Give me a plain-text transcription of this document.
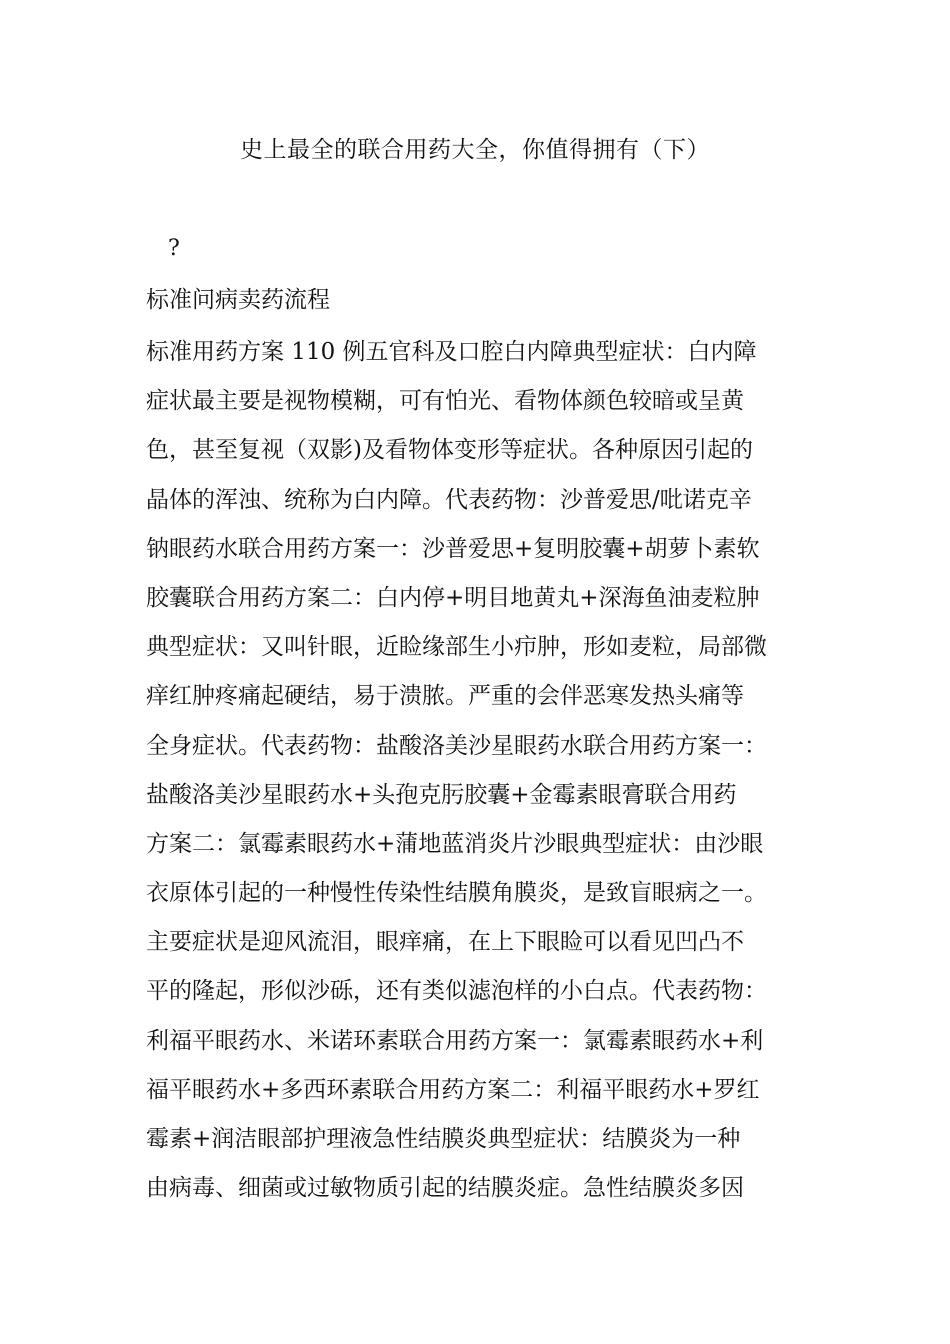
史上最全的联合用药大全，你值得拥有（下）
?
标准问病卖药流程
标准用药方案 110 例五官科及口腔白内障典型症状：白内障
症状最主要是视物模糊，可有怕光、看物体颜色较暗或呈黄
色，甚至复视（双影)及看物体变形等症状。各种原因引起的
晶体的浑浊、统称为白内障。代表药物：沙普爱思/吡诺克辛
钠眼药水联合用药方案一：沙普爱思+复明胶囊+胡萝卜素软
胶囊联合用药方案二：白内停+明目地黄丸+深海鱼油麦粒肿
典型症状：又叫针眼，近睑缘部生小疖肿，形如麦粒，局部微
痒红肿疼痛起硬结，易于溃脓。严重的会伴恶寒发热头痛等
全身症状。代表药物：盐酸洛美沙星眼药水联合用药方案一：
盐酸洛美沙星眼药水+头孢克肟胶囊+金霉素眼膏联合用药
方案二：氯霉素眼药水+蒲地蓝消炎片沙眼典型症状：由沙眼
衣原体引起的一种慢性传染性结膜角膜炎，是致盲眼病之一。
主要症状是迎风流泪，眼痒痛，在上下眼睑可以看见凹凸不
平的隆起，形似沙砾，还有类似滤泡样的小白点。代表药物：
利福平眼药水、米诺环素联合用药方案一：氯霉素眼药水+利
福平眼药水+多西环素联合用药方案二：利福平眼药水+罗红
霉素+润洁眼部护理液急性结膜炎典型症状：结膜炎为一种
由病毒、细菌或过敏物质引起的结膜炎症。急性结膜炎多因
